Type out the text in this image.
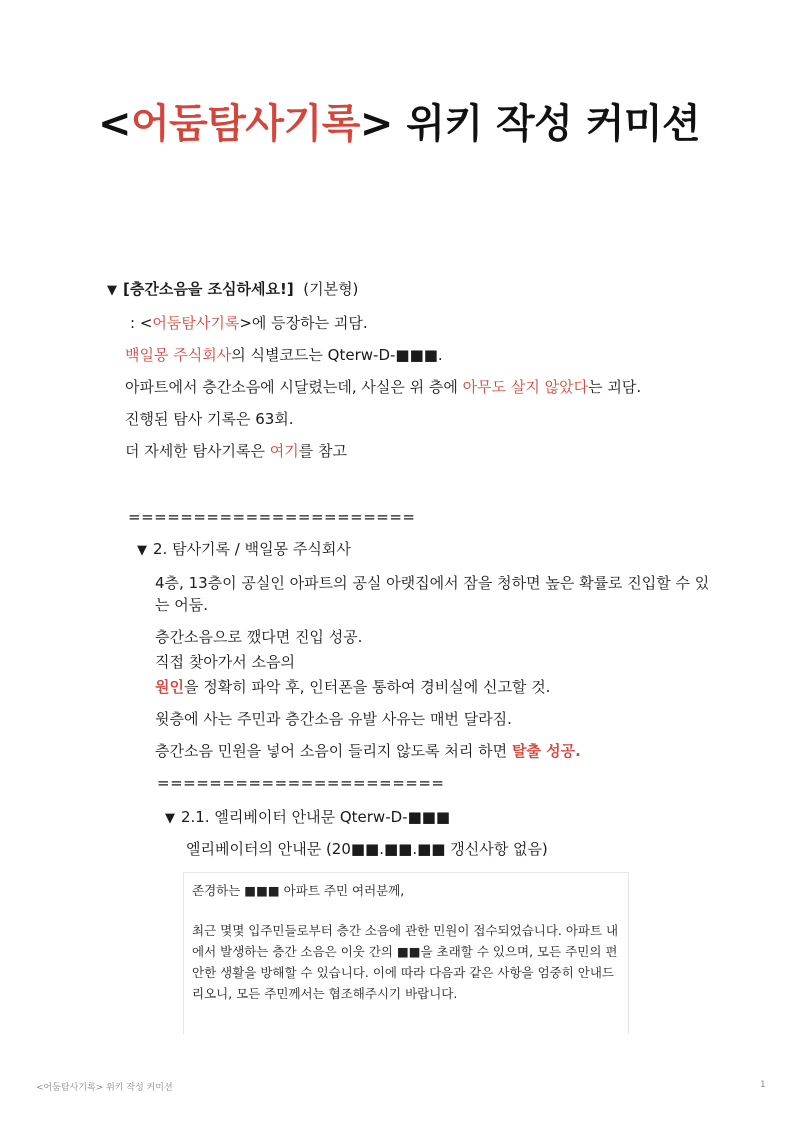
<어둠탐사기록> 위키 작성 커미션
▼ [층간소음을 조심하세요!] (기본형)
: <어둠탐사기록>에 등장하는 괴담.
백일몽 주식회사의 식별코드는 Qterw-D-■■■.
아파트에서 층간소음에 시달렸는데, 사실은 위 층에 아무도 살지 않았다는 괴담.
진행된 탐사 기록은 63회.
더 자세한 탐사기록은 여기를 참고
======================
▼ 2. 탐사기록 / 백일몽 주식회사
4층, 13층이 공실인 아파트의 공실 아랫집에서 잠을 청하면 높은 확률로 진입할 수 있는 어둠.
층간소음으로 깼다면 진입 성공.
직접 찾아가서 소음의
원인을 정확히 파악 후, 인터폰을 통하여 경비실에 신고할 것.
윗층에 사는 주민과 층간소음 유발 사유는 매번 달라짐.
층간소음 민원을 넣어 소음이 들리지 않도록 처리 하면 탈출 성공.
======================
▼ 2.1. 엘리베이터 안내문 Qterw-D-■■■
엘리베이터의 안내문 (20■■.■■.■■ 갱신사항 없음)

존경하는 ■■■ 아파트 주민 여러분께,

최근 몇몇 입주민들로부터 층간 소음에 관한 민원이 접수되었습니다. 아파트 내에서 발생하는 층간 소음은 이웃 간의 ■■을 초래할 수 있으며, 모든 주민의 편안한 생활을 방해할 수 있습니다. 이에 따라 다음과 같은 사항을 엄중히 안내드리오니, 모든 주민께서는 협조해주시기 바랍니다.

<어둠탐사기록> 위키 작성 커미션	1
